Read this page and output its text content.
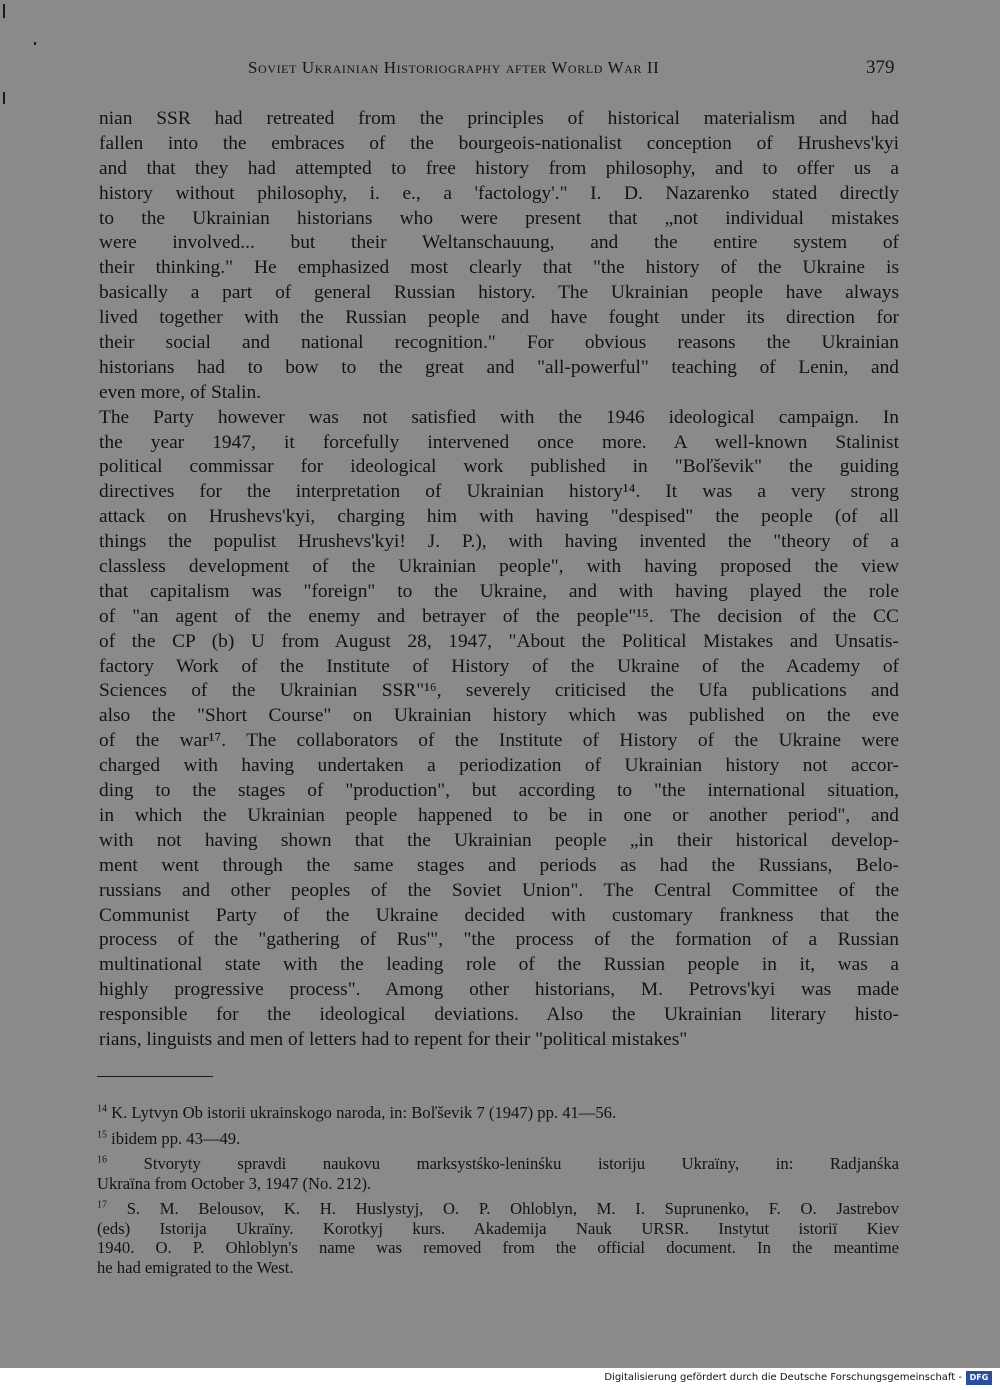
Soviet Ukrainian Historiography after World War II	379
nian SSR had retreated from the principles of historical materialism and had
fallen into the embraces of the bourgeois-nationalist conception of Hrushevs'kyi
and that they had attempted to free history from philosophy, and to offer us a
history without philosophy, i. e., a 'factology'." I. D. Nazarenko stated directly
to the Ukrainian historians who were present that „not individual mistakes
were involved... but their Weltanschauung, and the entire system of
their thinking." He emphasized most clearly that "the history of the Ukraine is
basically a part of general Russian history. The Ukrainian people have always
lived together with the Russian people and have fought under its direction for
their social and national recognition." For obvious reasons the Ukrainian
historians had to bow to the great and "all-powerful" teaching of Lenin, and
even more, of Stalin.
The Party however was not satisfied with the 1946 ideological campaign. In
the year 1947, it forcefully intervened once more. A well-known Stalinist
political commissar for ideological work published in "Boľševik" the guiding
directives for the interpretation of Ukrainian history¹⁴. It was a very strong
attack on Hrushevs'kyi, charging him with having "despised" the people (of all
things the populist Hrushevs'kyi! J. P.), with having invented the "theory of a
classless development of the Ukrainian people", with having proposed the view
that capitalism was "foreign" to the Ukraine, and with having played the role
of "an agent of the enemy and betrayer of the people"¹⁵. The decision of the CC
of the CP (b) U from August 28, 1947, "About the Political Mistakes and Unsatis-
factory Work of the Institute of History of the Ukraine of the Academy of
Sciences of the Ukrainian SSR"¹⁶, severely criticised the Ufa publications and
also the "Short Course" on Ukrainian history which was published on the eve
of the war¹⁷. The collaborators of the Institute of History of the Ukraine were
charged with having undertaken a periodization of Ukrainian history not accor-
ding to the stages of "production", but according to "the international situation,
in which the Ukrainian people happened to be in one or another period", and
with not having shown that the Ukrainian people „in their historical develop-
ment went through the same stages and periods as had the Russians, Belo-
russians and other peoples of the Soviet Union". The Central Committee of the
Communist Party of the Ukraine decided with customary frankness that the
process of the "gathering of Rus'", "the process of the formation of a Russian
multinational state with the leading role of the Russian people in it, was a
highly progressive process". Among other historians, M. Petrovs'kyi was made
responsible for the ideological deviations. Also the Ukrainian literary histo-
rians, linguists and men of letters had to repent for their "political mistakes"
$^{14}$ K. Lytvyn Ob istorii ukrainskogo naroda, in: Boľševik 7 (1947) pp. 41—56.
$^{15}$ ibidem pp. 43—49.
$^{16}$ Stvoryty spravdi naukovu marksystśko-leninśku istoriju Ukraïny, in: Radjanśka
Ukraïna from October 3, 1947 (No. 212).
$^{17}$ S. M. Belousov, K. H. Huslystyj, O. P. Ohloblyn, M. I. Suprunenko, F. O. Jastrebov
(eds) Istorija Ukraïny. Korotkyj kurs. Akademija Nauk URSR. Instytut istoriï Kiev
1940. O. P. Ohloblyn's name was removed from the official document. In the meantime
he had emigrated to the West.
Digitalisierung gefördert durch die Deutsche Forschungsgemeinschaft - DFG
